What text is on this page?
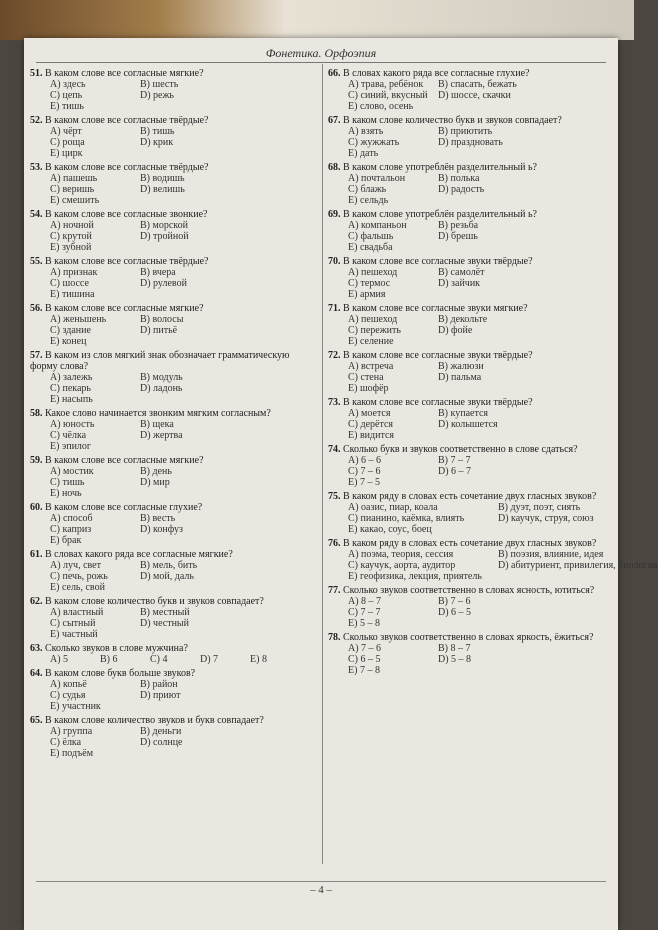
Фонетика. Орфоэпия
51. В каком слове все согласные мягкие?
А) здесь	В) шесть
С) цепь	D) режь
Е) тишь
52. В каком слове все согласные твёрдые?
А) чёрт	В) тишь
С) роща	D) крик
Е) цирк
53. В каком слове все согласные твёрдые?
А) пашешь	В) водишь
С) веришь	D) велишь
Е) смешить
54. В каком слове все согласные звонкие?
А) ночной	В) морской
С) крутой	D) тройной
Е) зубной
55. В каком слове все согласные твёрдые?
А) признак	В) вчера
С) шоссе	D) рулевой
Е) тишина
56. В каком слове все согласные мягкие?
А) женьшень	В) волосы
С) здание	D) питьё
Е) конец
57. В каком из слов мягкий знак обозначает грамматическую форму слова?
А) залежь	В) модуль
С) пекарь	D) ладонь
Е) насыпь
58. Какое слово начинается звонким мягким согласным?
А) юность	В) щека
С) чёлка	D) жертва
Е) эпилог
59. В каком слове все согласные мягкие?
А) мостик	В) день
С) тишь	D) мир
Е) ночь
60. В каком слове все согласные глухие?
А) способ	В) весть
С) каприз	D) конфуз
Е) брак
61. В словах какого ряда все согласные мягкие?
А) луч, свет	В) мель, бить
С) печь, рожь	D) мой, даль
Е) сель, свой
62. В каком слове количество букв и звуков совпадает?
А) властный	В) местный
С) сытный	D) честный
Е) частный
63. Сколько звуков в слове мужчина?
А) 5	В) 6	С) 4	D) 7	Е) 8
64. В каком слове букв больше звуков?
А) копьё	В) район
С) судья	D) приют
Е) участник
65. В каком слове количество звуков и букв совпадает?
А) группа	В) деньги
С) ёлка	D) солнце
Е) подъём
66. В словах какого ряда все согласные глухие?
А) трава, ребёнок	В) спасать, бежать
С) синий, вкусный	D) шоссе, скачки
Е) слово, осень
67. В каком слове количество букв и звуков совпадает?
А) взять	В) приютить
С) жужжать	D) праздновать
Е) дать
68. В каком слове употреблён разделительный ь?
А) почтальон	В) полька
С) блажь	D) радость
Е) сельдь
69. В каком слове употреблён разделительный ь?
А) компаньон	В) резьба
С) фальшь	D) брешь
Е) свадьба
70. В каком слове все согласные звуки твёрдые?
А) пешеход	В) самолёт
С) термос	D) зайчик
Е) армия
71. В каком слове все согласные звуки мягкие?
А) пешеход	В) декольте
С) пережить	D) фойе
Е) селение
72. В каком слове все согласные звуки твёрдые?
А) встреча	В) жалюзи
С) стена	D) пальма
Е) шофёр
73. В каком слове все согласные звуки твёрдые?
А) моется	В) купается
С) дерётся	D) колышется
Е) видится
74. Сколько букв и звуков соответственно в слове сдаться?
А) 6 – 6	В) 7 – 7
С) 7 – 6	D) 6 – 7
Е) 7 – 5
75. В каком ряду в словах есть сочетание двух гласных звуков?
А) оазис, пиар, коала	В) дуэт, поэт, сиять
С) пианино, каёмка, влиять	D) каучук, струя, союз
Е) какао, соус, боец
76. В каком ряду в словах есть сочетание двух гласных звуков?
А) поэма, теория, сессия	В) поэзия, влияние, идея
С) каучук, аорта, аудитор	D) абитуриент, привилегия, биология
Е) геофизика, лекция, приятель
77. Сколько звуков соответственно в словах ясность, ютиться?
А) 8 – 7	В) 7 – 6
С) 7 – 7	D) 6 – 5
Е) 5 – 8
78. Сколько звуков соответственно в словах яркость, ёжиться?
А) 7 – 6	В) 8 – 7
С) 6 – 5	D) 5 – 8
Е) 7 – 8
– 4 –
